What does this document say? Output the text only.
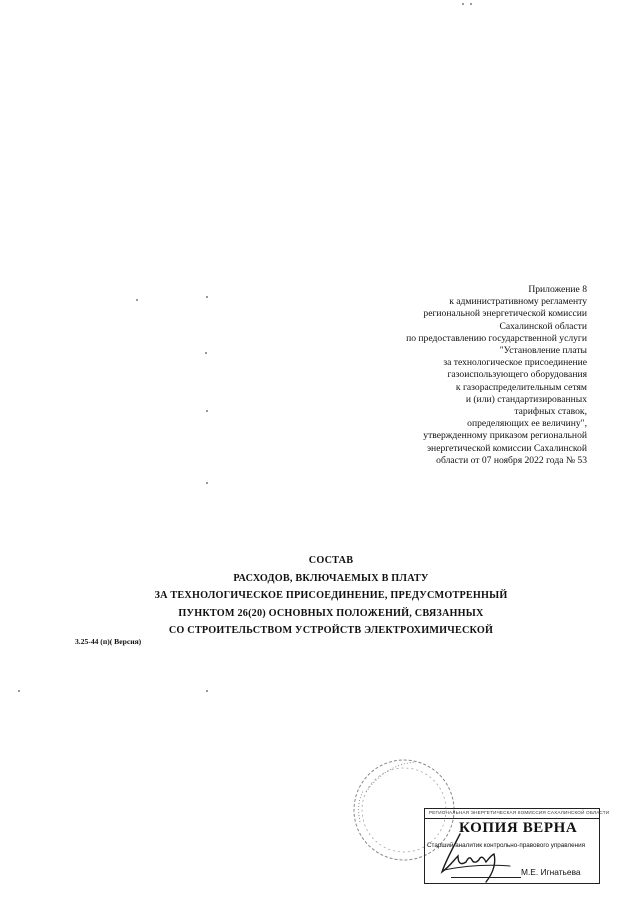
Приложение 8
к административному регламенту
региональной энергетической комиссии
Сахалинской области
по предоставлению государственной услуги
"Установление платы
за технологическое присоединение
газоиспользующего оборудования
к газораспределительным сетям
и (или) стандартизированных
тарифных ставок,
определяющих ее величину",
утвержденному приказом региональной
энергетической комиссии Сахалинской
области от 07 ноября 2022 года № 53
СОСТАВ
РАСХОДОВ, ВКЛЮЧАЕМЫХ В ПЛАТУ
ЗА ТЕХНОЛОГИЧЕСКОЕ ПРИСОЕДИНЕНИЕ, ПРЕДУСМОТРЕННЫЙ
ПУНКТОМ 26(20) ОСНОВНЫХ ПОЛОЖЕНИЙ, СВЯЗАННЫХ
СО СТРОИТЕЛЬСТВОМ УСТРОЙСТВ ЭЛЕКТРОХИМИЧЕСКОЙ
3.25-44 (п)( Версия)
РЕГИОНАЛЬНАЯ ЭНЕРГЕТИЧЕСКАЯ КОМИССИЯ САХАЛИНСКОЙ ОБЛАСТИ
КОПИЯ ВЕРНА
Старший аналитик контрольно-правового управления
М.Е. Игнатьева
